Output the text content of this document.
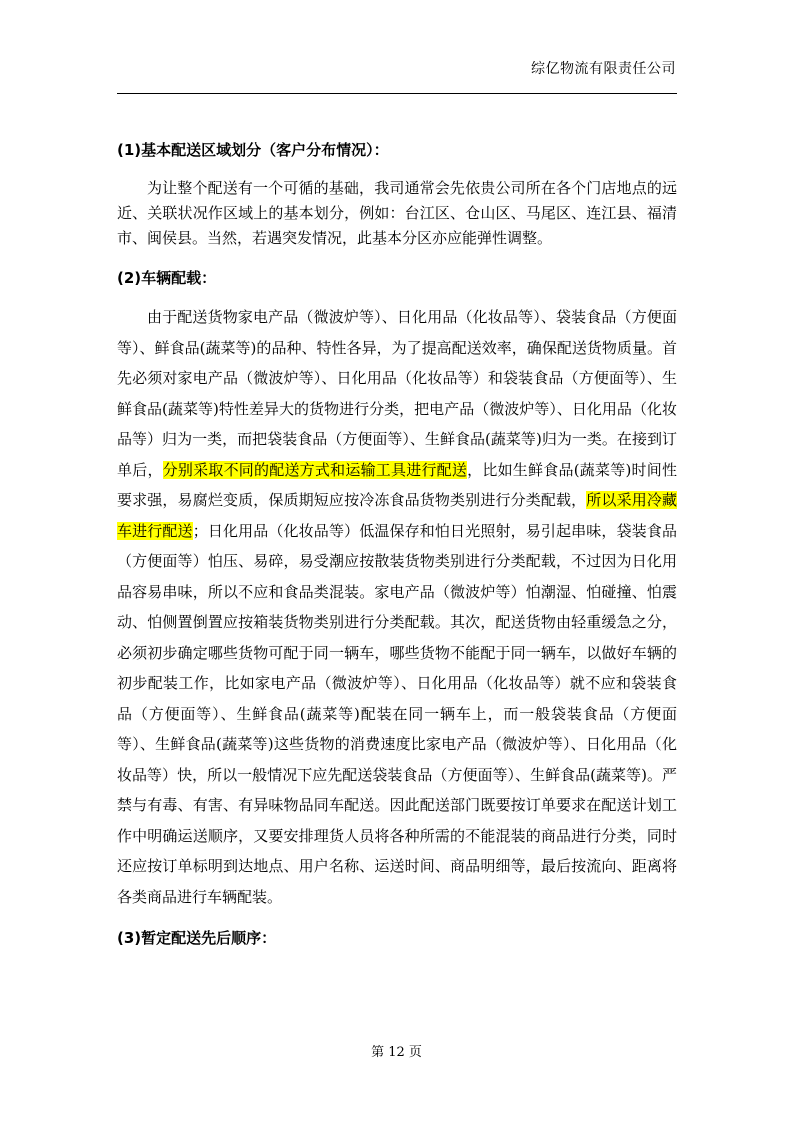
综亿物流有限责任公司
(1)基本配送区域划分（客户分布情况）：

为让整个配送有一个可循的基础，我司通常会先依贵公司所在各个门店地点的远近、关联状况作区域上的基本划分，例如：台江区、仓山区、马尾区、连江县、福清市、闽侯县。当然，若遇突发情况，此基本分区亦应能弹性调整。

(2)车辆配载：

由于配送货物家电产品（微波炉等）、日化用品（化妆品等）、袋装食品（方便面等）、鲜食品(蔬菜等)的品种、特性各异，为了提高配送效率，确保配送货物质量。首先必须对家电产品（微波炉等）、日化用品（化妆品等）和袋装食品（方便面等）、生鲜食品(蔬菜等)特性差异大的货物进行分类，把电产品（微波炉等）、日化用品（化妆品等）归为一类，而把袋装食品（方便面等）、生鲜食品(蔬菜等)归为一类。在接到订单后，分别采取不同的配送方式和运输工具进行配送，比如生鲜食品(蔬菜等)时间性要求强，易腐烂变质，保质期短应按冷冻食品货物类别进行分类配载，所以采用冷藏车进行配送；日化用品（化妆品等）低温保存和怕日光照射，易引起串味，袋装食品（方便面等）怕压、易碎，易受潮应按散装货物类别进行分类配载，不过因为日化用品容易串味，所以不应和食品类混装。家电产品（微波炉等）怕潮湿、怕碰撞、怕震动、怕侧置倒置应按箱装货物类别进行分类配载。其次，配送货物由轻重缓急之分，必须初步确定哪些货物可配于同一辆车，哪些货物不能配于同一辆车，以做好车辆的初步配装工作，比如家电产品（微波炉等）、日化用品（化妆品等）就不应和袋装食品（方便面等）、生鲜食品(蔬菜等)配装在同一辆车上，而一般袋装食品（方便面等）、生鲜食品(蔬菜等)这些货物的消费速度比家电产品（微波炉等）、日化用品（化妆品等）快，所以一般情况下应先配送袋装食品（方便面等）、生鲜食品(蔬菜等)。严禁与有毒、有害、有异味物品同车配送。因此配送部门既要按订单要求在配送计划工作中明确运送顺序，又要安排理货人员将各种所需的不能混装的商品进行分类，同时还应按订单标明到达地点、用户名称、运送时间、商品明细等，最后按流向、距离将各类商品进行车辆配装。

(3)暂定配送先后顺序：
第 12 页
